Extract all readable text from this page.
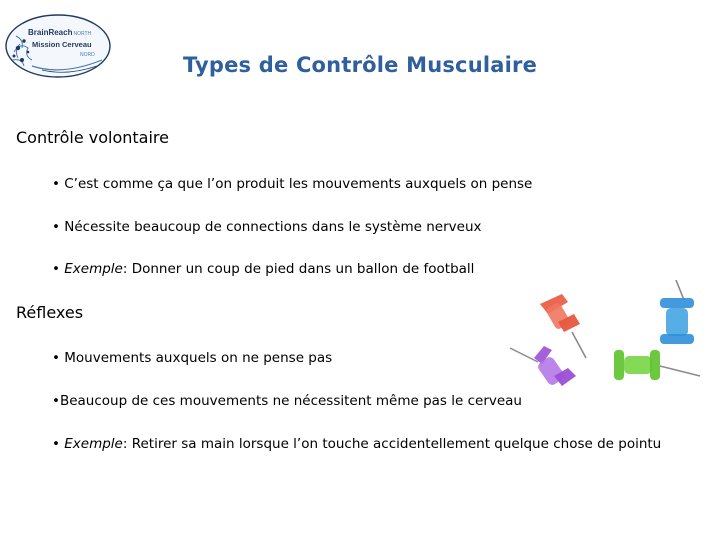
BrainReachNORTH
Mission Cerveau
NORD	Types de Contrôle Musculaire
Contrôle volontaire
• C’est comme ça que l’on produit les mouvements auxquels on pense
• Nécessite beaucoup de connections dans le système nerveux
• Exemple: Donner un coup de pied dans un ballon de football
Réflexes
• Mouvements auxquels on ne pense pas
•Beaucoup de ces mouvements ne nécessitent même pas le cerveau
• Exemple: Retirer sa main lorsque l’on touche accidentellement quelque chose de pointu
